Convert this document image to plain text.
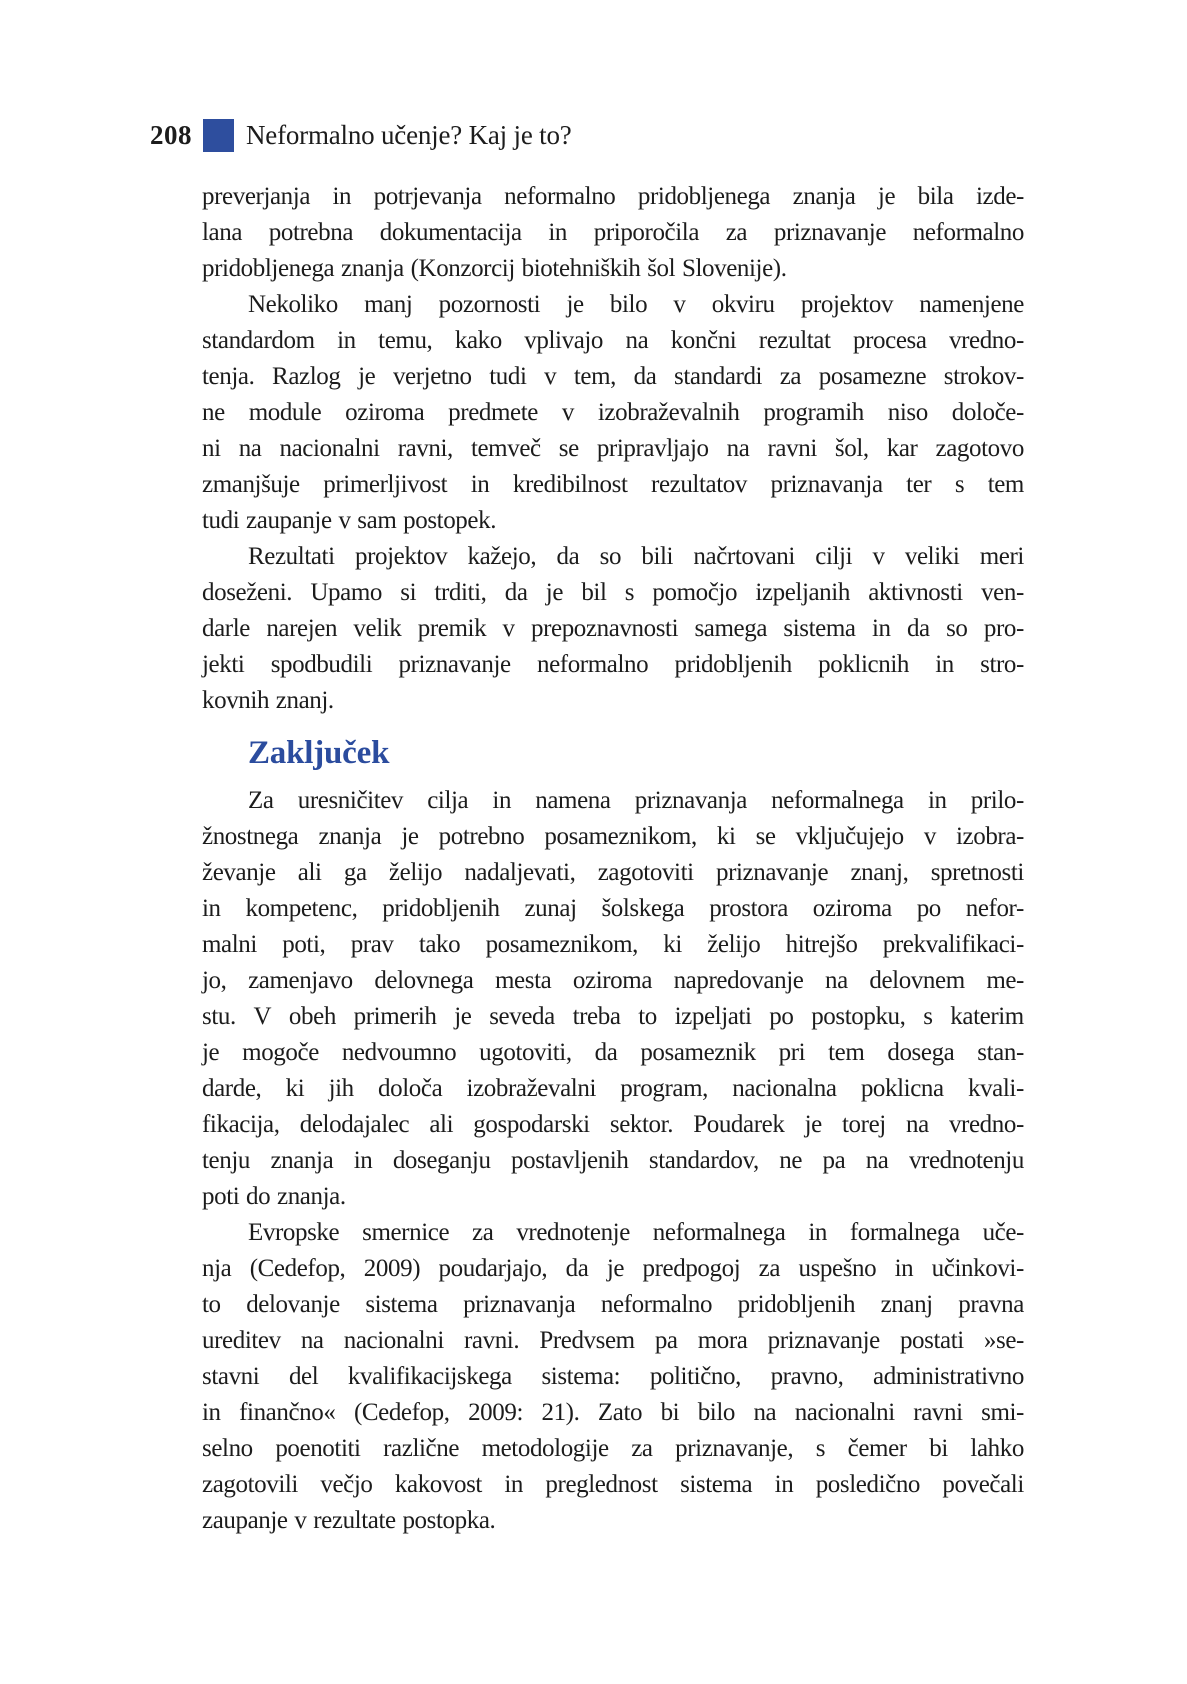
208 Neformalno učenje? Kaj je to?
preverjanja in potrjevanja neformalno pridobljenega znanja je bila izde-
lana potrebna dokumentacija in priporočila za priznavanje neformalno
pridobljenega znanja (Konzorcij biotehniških šol Slovenije).
Nekoliko manj pozornosti je bilo v okviru projektov namenjene
standardom in temu, kako vplivajo na končni rezultat procesa vredno-
tenja. Razlog je verjetno tudi v tem, da standardi za posamezne strokov-
ne module oziroma predmete v izobraževalnih programih niso določe-
ni na nacionalni ravni, temveč se pripravljajo na ravni šol, kar zagotovo
zmanjšuje primerljivost in kredibilnost rezultatov priznavanja ter s tem
tudi zaupanje v sam postopek.
Rezultati projektov kažejo, da so bili načrtovani cilji v veliki meri
doseženi. Upamo si trditi, da je bil s pomočjo izpeljanih aktivnosti ven-
darle narejen velik premik v prepoznavnosti samega sistema in da so pro-
jekti spodbudili priznavanje neformalno pridobljenih poklicnih in stro-
kovnih znanj.
Zaključek
Za uresničitev cilja in namena priznavanja neformalnega in prilo-
žnostnega znanja je potrebno posameznikom, ki se vključujejo v izobra-
ževanje ali ga želijo nadaljevati, zagotoviti priznavanje znanj, spretnosti
in kompetenc, pridobljenih zunaj šolskega prostora oziroma po nefor-
malni poti, prav tako posameznikom, ki želijo hitrejšo prekvalifikaci-
jo, zamenjavo delovnega mesta oziroma napredovanje na delovnem me-
stu. V obeh primerih je seveda treba to izpeljati po postopku, s katerim
je mogoče nedvoumno ugotoviti, da posameznik pri tem dosega stan-
darde, ki jih določa izobraževalni program, nacionalna poklicna kvali-
fikacija, delodajalec ali gospodarski sektor. Poudarek je torej na vredno-
tenju znanja in doseganju postavljenih standardov, ne pa na vrednotenju
poti do znanja.
Evropske smernice za vrednotenje neformalnega in formalnega uče-
nja (Cedefop, 2009) poudarjajo, da je predpogoj za uspešno in učinkovi-
to delovanje sistema priznavanja neformalno pridobljenih znanj pravna
ureditev na nacionalni ravni. Predvsem pa mora priznavanje postati »se-
stavni del kvalifikacijskega sistema: politično, pravno, administrativno
in finančno« (Cedefop, 2009: 21). Zato bi bilo na nacionalni ravni smi-
selno poenotiti različne metodologije za priznavanje, s čemer bi lahko
zagotovili večjo kakovost in preglednost sistema in posledično povečali
zaupanje v rezultate postopka.
